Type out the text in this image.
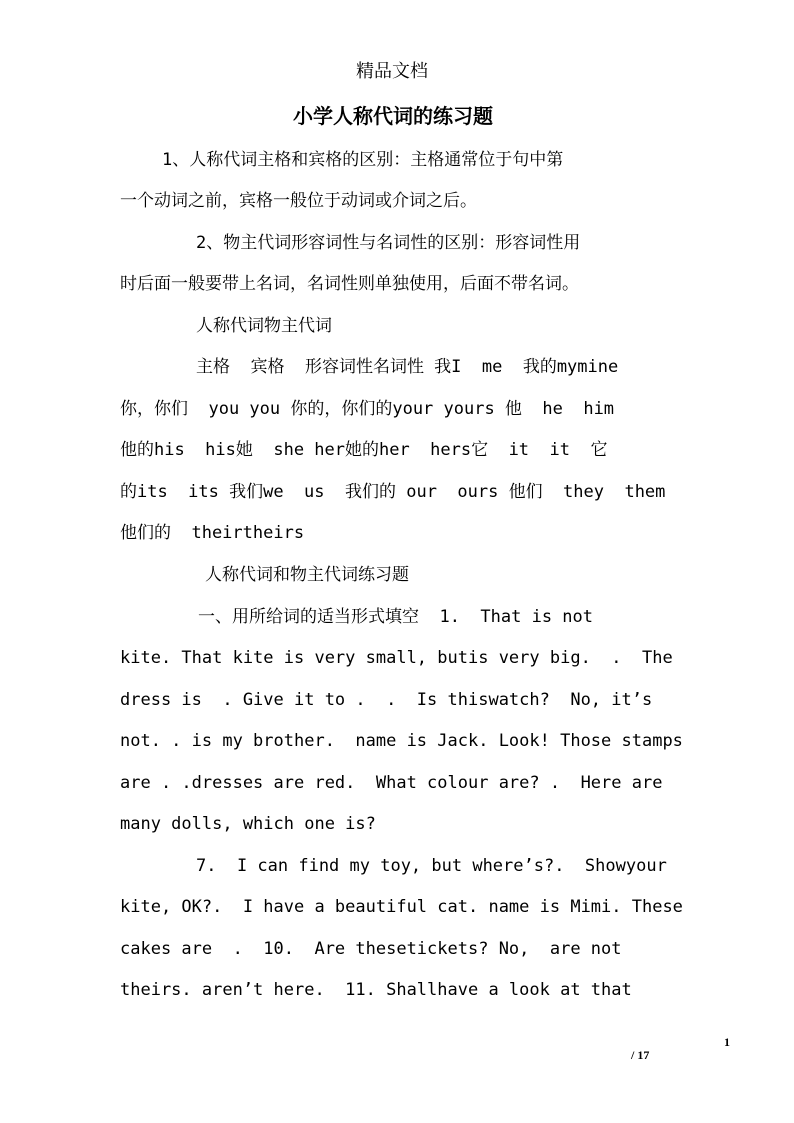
精品文档
小学人称代词的练习题
1、人称代词主格和宾格的区别：主格通常位于句中第
一个动词之前，宾格一般位于动词或介词之后。
2、物主代词形容词性与名词性的区别：形容词性用
时后面一般要带上名词，名词性则单独使用，后面不带名词。
人称代词物主代词
主格  宾格  形容词性名词性 我I  me  我的mymine
你，你们  you you 你的，你们的your yours 他  he  him
他的his  his她  she her她的her  hers它  it  it  它
的its  its 我们we  us  我们的 our  ours 他们  they  them
他们的  theirtheirs
人称代词和物主代词练习题
一、用所给词的适当形式填空  1.  That is not
kite. That kite is very small, butis very big.  .  The
dress is  . Give it to .  .  Is thiswatch?  No, it’s
not. . is my brother.  name is Jack. Look! Those stamps
are . .dresses are red.  What colour are? .  Here are
many dolls, which one is?
7.  I can find my toy, but where’s?.  Showyour
kite, OK?.  I have a beautiful cat. name is Mimi. These
cakes are  .  10.  Are thesetickets? No,  are not
theirs. aren’t here.  11. Shallhave a look at that
1
/ 17
